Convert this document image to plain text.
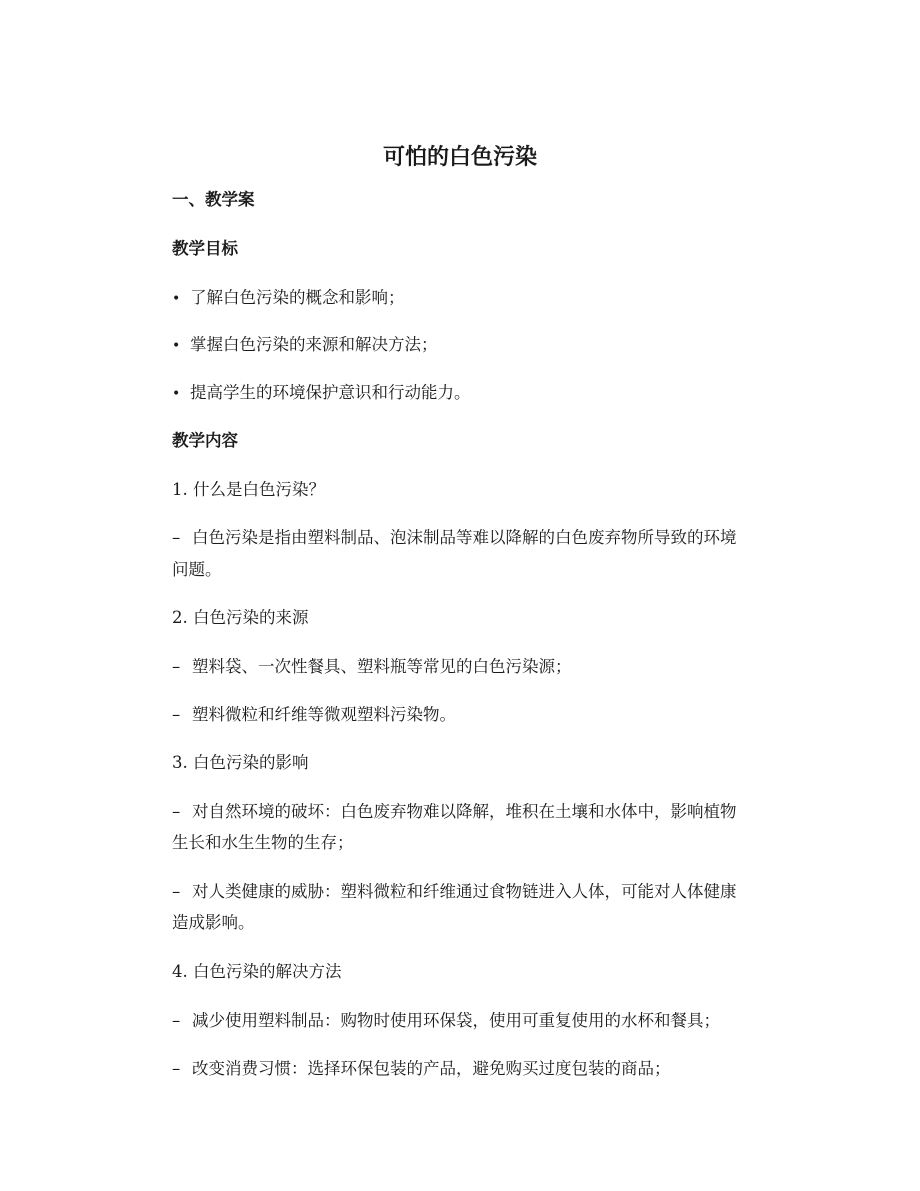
可怕的白色污染
一、教学案
教学目标
• 了解白色污染的概念和影响；
• 掌握白色污染的来源和解决方法；
• 提高学生的环境保护意识和行动能力。
教学内容
1. 什么是白色污染？
– 白色污染是指由塑料制品、泡沫制品等难以降解的白色废弃物所导致的环境
问题。
2. 白色污染的来源
– 塑料袋、一次性餐具、塑料瓶等常见的白色污染源；
– 塑料微粒和纤维等微观塑料污染物。
3. 白色污染的影响
– 对自然环境的破坏：白色废弃物难以降解，堆积在土壤和水体中，影响植物
生长和水生生物的生存；
– 对人类健康的威胁：塑料微粒和纤维通过食物链进入人体，可能对人体健康
造成影响。
4. 白色污染的解决方法
– 减少使用塑料制品：购物时使用环保袋，使用可重复使用的水杯和餐具；
– 改变消费习惯：选择环保包装的产品，避免购买过度包装的商品；
